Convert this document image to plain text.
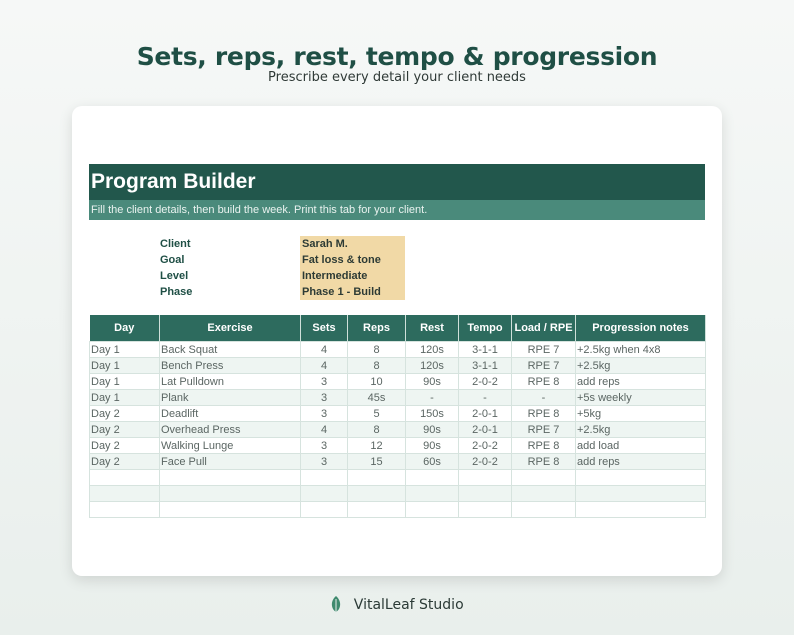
Sets, reps, rest, tempo & progression
Prescribe every detail your client needs
Program Builder
Fill the client details, then build the week. Print this tab for your client.
Client	Sarah M.
Goal	Fat loss & tone
Level	Intermediate
Phase	Phase 1 - Build
Day	Exercise	Sets	Reps	Rest	Tempo	Load / RPE	Progression notes
Day 1	Back Squat	4	8	120s	3-1-1	RPE 7	+2.5kg when 4x8
Day 1	Bench Press	4	8	120s	3-1-1	RPE 7	+2.5kg
Day 1	Lat Pulldown	3	10	90s	2-0-2	RPE 8	add reps
Day 1	Plank	3	45s	-	-	-	+5s weekly
Day 2	Deadlift	3	5	150s	2-0-1	RPE 8	+5kg
Day 2	Overhead Press	4	8	90s	2-0-1	RPE 7	+2.5kg
Day 2	Walking Lunge	3	12	90s	2-0-2	RPE 8	add load
Day 2	Face Pull	3	15	60s	2-0-2	RPE 8	add reps

VitalLeaf Studio
